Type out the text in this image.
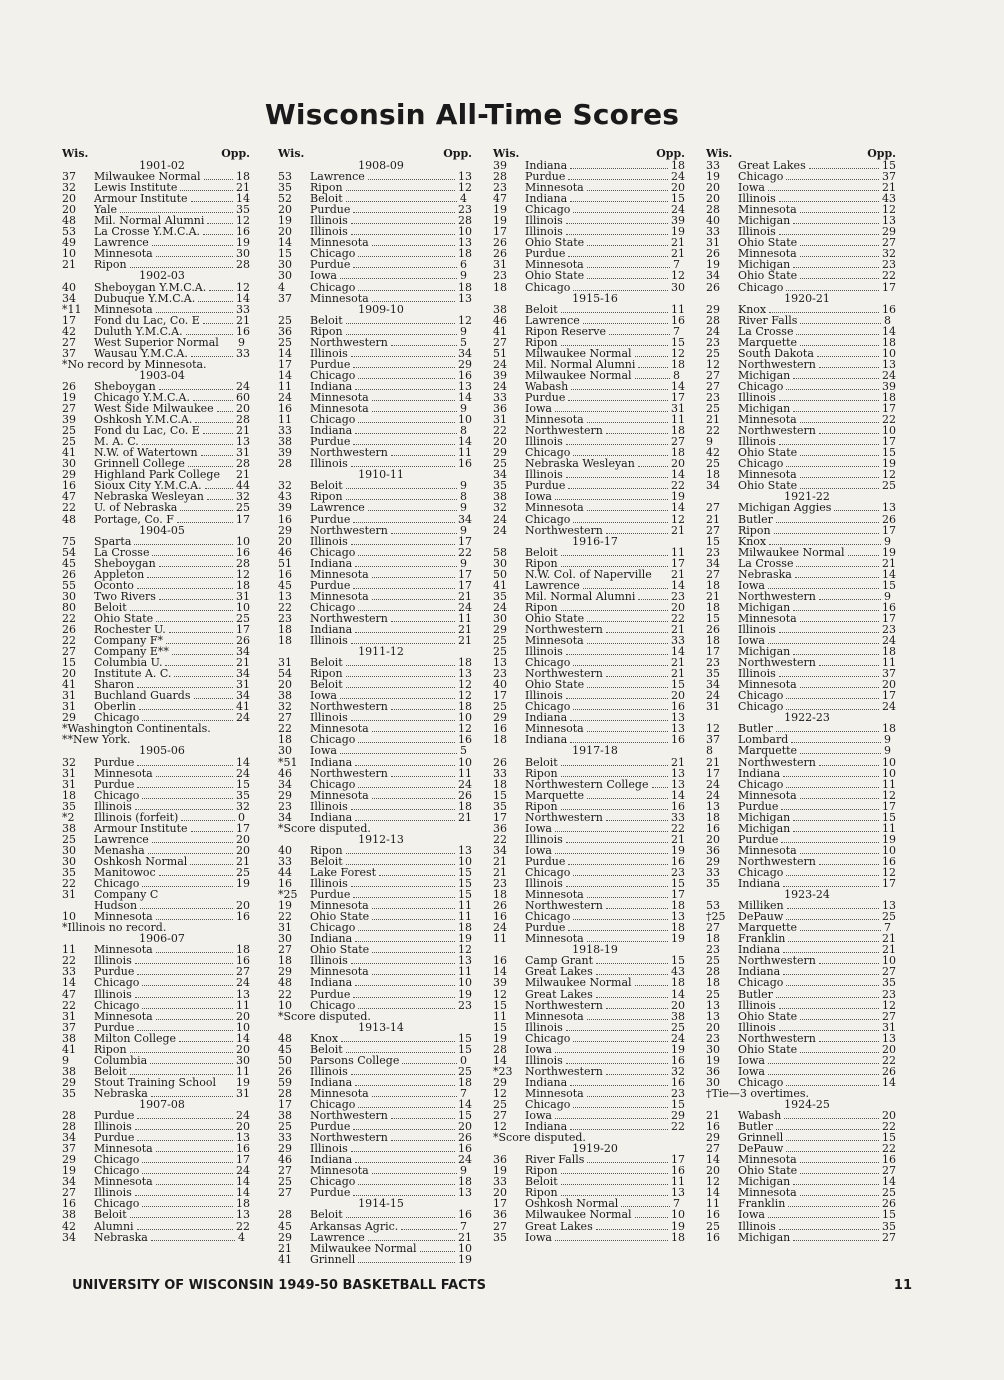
Wisconsin All-Time Scores
Wis.	Opp.
1901-02
37	Milwaukee Normal	18
32	Lewis Institute	21
20	Armour Institute	14
20	Yale	35
48	Mil. Normal Alumni	12
53	La Crosse Y.M.C.A.	16
49	Lawrence	19
10	Minnesota	30
21	Ripon	28
1902-03
40	Sheboygan Y.M.C.A.	12
34	Dubuque Y.M.C.A.	14
*11	Minnesota	33
17	Fond du Lac, Co. E	21
42	Duluth Y.M.C.A.	16
27	West Superior Normal 9
37	Wausau Y.M.C.A.	33
*No record by Minnesota.
1903-04
26	Sheboygan	24
19	Chicago Y.M.C.A.	60
27	West Side Milwaukee 20
39	Oshkosh Y.M.C.A.	28
25	Fond du Lac, Co. E	21
25	M. A. C.	13
41	N.W. of Watertown	31
30	Grinnell College	28
29	Highland Park College 21
16	Sioux City Y.M.C.A.	44
47	Nebraska Wesleyan	32
22	U. of Nebraska	25
48	Portage, Co. F	17
1904-05
75	Sparta	10
54	La Crosse	16
45	Sheboygan	28
26	Appleton	12
55	Oconto	18
30	Two Rivers	31
80	Beloit	10
22	Ohio State	25
26	Rochester U.	17
22	Company F*	26
27	Company E**	34
15	Columbia U.	21
20	Institute A. C.	34
41	Sharon	31
31	Buchland Guards	34
31	Oberlin	41
29	Chicago	24
*Washington Continentals.
**New York.
1905-06
32	Purdue	14
31	Minnesota	24
31	Purdue	15
18	Chicago	35
35	Illinois	32
*2	Illinois (forfeit)	0
38	Armour Institute	17
25	Lawrence	20
30	Menasha	20
30	Oshkosh Normal	21
35	Manitowoc	25
22	Chicago	19
31	Company C
Hudson	20
10	Minnesota	16
*Illinois no record.
1906-07
11	Minnesota	18
22	Illinois	16
33	Purdue	27
14	Chicago	24
47	Illinois	13
22	Chicago	11
31	Minnesota	20
37	Purdue	10
38	Milton College	14
41	Ripon	20
9	Columbia	30
38	Beloit	11
29	Stout Training School 19
35	Nebraska	31
1907-08
28	Purdue	24
28	Illinois	20
34	Purdue	13
37	Minnesota	16
29	Chicago	17
19	Chicago	24
34	Minnesota	14
27	Illinois	14
16	Chicago	18
38	Beloit	13
42	Alumni	22
34	Nebraska	4
Wis.	Opp.
1908-09
53	Lawrence	13
35	Ripon	12
52	Beloit	4
20	Purdue	23
19	Illinois	28
20	Illinois	10
14	Minnesota	13
15	Chicago	18
30	Purdue	6
30	Iowa	9
4	Chicago	18
37	Minnesota	13
1909-10
25	Beloit	12
36	Ripon	9
25	Northwestern	5
14	Illinois	34
17	Purdue	29
14	Chicago	16
11	Indiana	13
24	Minnesota	14
16	Minnesota	9
11	Chicago	10
33	Indiana	8
38	Purdue	14
39	Northwestern	11
28	Illinois	16
1910-11
32	Beloit	9
43	Ripon	8
39	Lawrence	9
16	Purdue	34
29	Northwestern	9
20	Illinois	17
46	Chicago	22
51	Indiana	9
16	Minnesota	17
45	Purdue	17
13	Minnesota	21
22	Chicago	24
23	Northwestern	11
18	Indiana	21
18	Illinois	21
1911-12
31	Beloit	18
54	Ripon	13
20	Beloit	12
38	Iowa	12
32	Northwestern	18
27	Illinois	10
22	Minnesota	12
18	Chicago	16
30	Iowa	5
*51	Indiana	10
46	Northwestern	11
34	Chicago	24
29	Minnesota	26
23	Illinois	18
34	Indiana	21
*Score disputed.
1912-13
40	Ripon	13
33	Beloit	10
44	Lake Forest	15
16	Illinois	15
*25	Purdue	15
19	Minnesota	11
22	Ohio State	11
31	Chicago	18
30	Indiana	19
27	Ohio State	12
18	Illinois	13
29	Minnesota	11
48	Indiana	10
22	Purdue	19
10	Chicago	23
*Score disputed.
1913-14
48	Knox	15
45	Beloit	15
50	Parsons College	0
26	Illinois	25
59	Indiana	18
28	Minnesota	7
17	Chicago	14
38	Northwestern	15
25	Purdue	20
33	Northwestern	26
29	Illinois	16
46	Indiana	24
27	Minnesota	9
25	Chicago	18
27	Purdue	13
1914-15
28	Beloit	16
45	Arkansas Agric.	7
29	Lawrence	21
21	Milwaukee Normal	10
41	Grinnell	19
Wis.	Opp.
39	Indiana	18
28	Purdue	24
23	Minnesota	20
47	Indiana	15
19	Chicago	24
19	Illinois	39
17	Illinois	19
26	Ohio State	21
26	Purdue	21
31	Minnesota	7
23	Ohio State	12
18	Chicago	30
1915-16
38	Beloit	11
46	Lawrence	16
41	Ripon Reserve	7
27	Ripon	15
51	Milwaukee Normal	12
24	Mil. Normal Alumni	18
39	Milwaukee Normal	8
24	Wabash	14
33	Purdue	17
36	Iowa	31
31	Minnesota	11
22	Northwestern	18
20	Illinois	27
29	Chicago	18
25	Nebraska Wesleyan	20
34	Illinois	14
35	Purdue	22
38	Iowa	19
32	Minnesota	14
24	Chicago	12
24	Northwestern	21
1916-17
58	Beloit	11
30	Ripon	17
50	N.W. Col. of Naperville 21
41	Lawrence	14
35	Mil. Normal Alumni	23
24	Ripon	20
30	Ohio State	22
29	Northwestern	21
25	Minnesota	33
25	Illinois	14
13	Chicago	21
23	Northwestern	21
40	Ohio State	15
17	Illinois	20
25	Chicago	16
29	Indiana	13
16	Minnesota	13
18	Indiana	16
1917-18
26	Beloit	21
33	Ripon	13
18	Northwestern College 13
15	Marquette	14
35	Ripon	16
17	Northwestern	33
36	Iowa	22
22	Illinois	21
34	Iowa	19
21	Purdue	16
21	Chicago	23
23	Illinois	15
18	Minnesota	17
26	Northwestern	18
16	Chicago	13
24	Purdue	18
11	Minnesota	19
1918-19
16	Camp Grant	15
14	Great Lakes	43
39	Milwaukee Normal	18
12	Great Lakes	14
15	Northwestern	20
11	Minnesota	38
15	Illinois	25
19	Chicago	24
28	Iowa	19
14	Illinois	16
*23	Northwestern	32
29	Indiana	16
12	Minnesota	23
25	Chicago	15
27	Iowa	29
12	Indiana	22
*Score disputed.
1919-20
36	River Falls	17
19	Ripon	16
33	Beloit	11
20	Ripon	13
17	Oshkosh Normal	7
36	Milwaukee Normal	10
27	Great Lakes	19
35	Iowa	18
Wis.	Opp.
33	Great Lakes	15
19	Chicago	37
20	Iowa	21
20	Illinois	43
28	Minnesota	12
40	Michigan	13
33	Illinois	29
31	Ohio State	27
26	Minnesota	32
19	Michigan	23
34	Ohio State	22
26	Chicago	17
1920-21
29	Knox	16
28	River Falls	8
24	La Crosse	14
23	Marquette	18
25	South Dakota	10
12	Northwestern	13
27	Michigan	24
27	Chicago	39
23	Illinois	18
25	Michigan	17
21	Minnesota	22
22	Northwestern	10
9	Illinois	17
42	Ohio State	15
25	Chicago	19
18	Minnesota	12
34	Ohio State	25
1921-22
27	Michigan Aggies	13
21	Butler	26
27	Ripon	17
15	Knox	9
23	Milwaukee Normal	19
34	La Crosse	21
27	Nebraska	14
18	Iowa	15
21	Northwestern	9
18	Michigan	16
15	Minnesota	17
26	Illinois	23
18	Iowa	24
17	Michigan	18
23	Northwestern	11
35	Illinois	37
34	Minnesota	20
24	Chicago	17
31	Chicago	24
1922-23
12	Butler	18
37	Lombard	9
8	Marquette	9
21	Northwestern	10
17	Indiana	10
24	Chicago	11
24	Minnesota	12
13	Purdue	17
18	Michigan	15
16	Michigan	11
20	Purdue	19
36	Minnesota	10
29	Northwestern	16
33	Chicago	12
35	Indiana	17
1923-24
53	Milliken	13
†25	DePauw	25
27	Marquette	7
18	Franklin	21
23	Indiana	21
25	Northwestern	10
28	Indiana	27
18	Chicago	35
25	Butler	23
13	Illinois	12
13	Ohio State	27
20	Illinois	31
23	Northwestern	13
30	Ohio State	20
19	Iowa	22
36	Iowa	26
30	Chicago	14
†Tie—3 overtimes.
1924-25
21	Wabash	20
16	Butler	22
29	Grinnell	15
27	DePauw	22
14	Minnesota	16
20	Ohio State	27
12	Michigan	14
14	Minnesota	25
11	Franklin	26
16	Iowa	15
25	Illinois	35
16	Michigan	27
UNIVERSITY OF WISCONSIN 1949-50 BASKETBALL FACTS	11
